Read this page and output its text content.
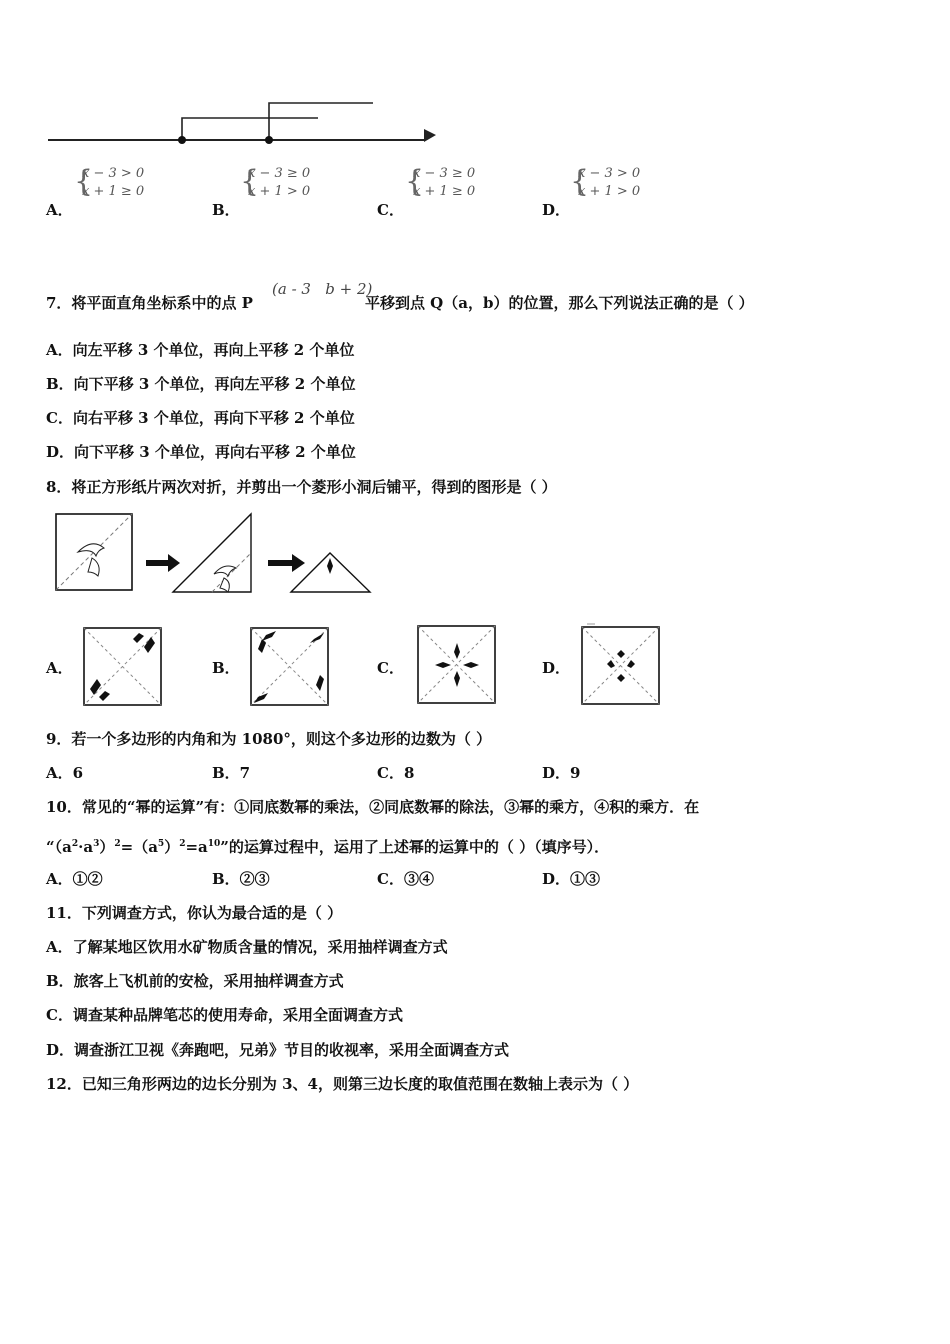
A．
{
x − 3 > 0
x + 1 ≥ 0
B．
{
x − 3 ≥ 0
x + 1 > 0
C．
{
x − 3 ≥ 0
x + 1 ≥ 0
D．
{
x − 3 > 0
x + 1 > 0
7．将平面直角坐标系中的点 P	平移到点 Q（a，b）的位置，那么下列说法正确的是（ ）
(a - 3   b + 2)
A．向左平移 3 个单位，再向上平移 2 个单位
B．向下平移 3 个单位，再向左平移 2 个单位
C．向右平移 3 个单位，再向下平移 2 个单位
D．向下平移 3 个单位，再向右平移 2 个单位
8．将正方形纸片两次对折，并剪出一个菱形小洞后铺平，得到的图形是（ ）
A．	B．	C．	D．
9．若一个多边形的内角和为 1080°，则这个多边形的边数为（ ）
A．6	B．7	C．8	D．9
10．常见的“幂的运算”有：①同底数幂的乘法，②同底数幂的除法，③幂的乘方，④积的乘方．在
“$(a^2\cdot a^3)^2=(a^5)^2=a^{10}$”的运算过程中，运用了上述幂的运算中的（ ）（填序号）．
A．①②	B．②③	C．③④	D．①③
11．下列调查方式，你认为最合适的是（ ）
A．了解某地区饮用水矿物质含量的情况，采用抽样调查方式
B．旅客上飞机前的安检，采用抽样调查方式
C．调查某种品牌笔芯的使用寿命，采用全面调查方式
D．调查浙江卫视《奔跑吧，兄弟》节目的收视率，采用全面调查方式
12．已知三角形两边的边长分别为 3、4，则第三边长度的取值范围在数轴上表示为（ ）
